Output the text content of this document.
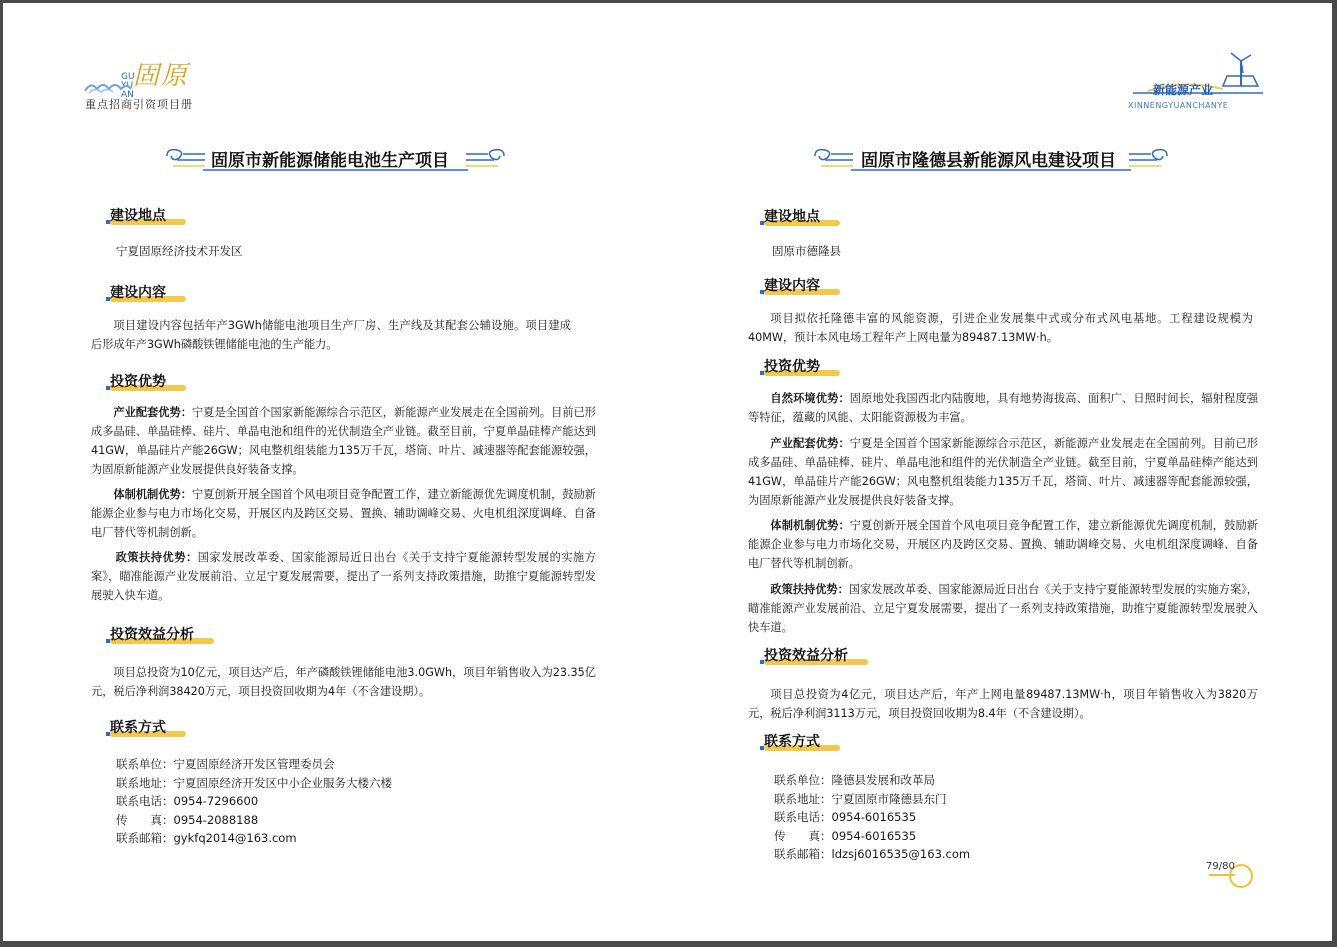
GU YUAN
固原
重点招商引资项目册
新能源产业
XINNENGYUANCHANYE
固原市新能源储能电池生产项目
建设地点
宁夏固原经济技术开发区
建设内容
项目建设内容包括年产3GWh储能电池项目生产厂房、生产线及其配套公辅设施。项目建成后形成年产3GWh磷酸铁锂储能电池的生产能力。
投资优势
产业配套优势：宁夏是全国首个国家新能源综合示范区，新能源产业发展走在全国前列。目前已形成多晶硅、单晶硅棒、硅片、单晶电池和组件的光伏制造全产业链。截至目前，宁夏单晶硅棒产能达到41GW，单晶硅片产能26GW；风电整机组装能力135万千瓦，塔筒、叶片、减速器等配套能源较强，为固原新能源产业发展提供良好装备支撑。
体制机制优势：宁夏创新开展全国首个风电项目竞争配置工作，建立新能源优先调度机制，鼓励新能源企业参与电力市场化交易，开展区内及跨区交易、置换、辅助调峰交易、火电机组深度调峰、自备电厂替代等机制创新。
政策扶持优势：国家发展改革委、国家能源局近日出台《关于支持宁夏能源转型发展的实施方案》，瞄准能源产业发展前沿、立足宁夏发展需要，提出了一系列支持政策措施，助推宁夏能源转型发展驶入快车道。
投资效益分析
项目总投资为10亿元，项目达产后，年产磷酸铁锂储能电池3.0GWh，项目年销售收入为23.35亿元，税后净利润38420万元，项目投资回收期为4年（不含建设期）。
联系方式
联系单位：宁夏固原经济开发区管理委员会
联系地址：宁夏固原经济开发区中小企业服务大楼六楼
联系电话：0954-7296600
传　　真：0954-2088188
联系邮箱：gykfq2014@163.com
固原市隆德县新能源风电建设项目
建设地点
固原市德隆县
建设内容
项目拟依托隆德丰富的风能资源，引进企业发展集中式或分布式风电基地。工程建设规模为40MW，预计本风电场工程年产上网电量为89487.13MW·h。
投资优势
自然环境优势：固原地处我国西北内陆腹地，具有地势海拔高、面积广、日照时间长，辐射程度强等特征，蕴藏的风能、太阳能资源极为丰富。
产业配套优势：宁夏是全国首个国家新能源综合示范区，新能源产业发展走在全国前列。目前已形成多晶硅、单晶硅棒、硅片、单晶电池和组件的光伏制造全产业链。截至目前，宁夏单晶硅棒产能达到41GW，单晶硅片产能26GW；风电整机组装能力135万千瓦，塔筒、叶片、减速器等配套能源较强，为固原新能源产业发展提供良好装备支撑。
体制机制优势：宁夏创新开展全国首个风电项目竞争配置工作，建立新能源优先调度机制，鼓励新能源企业参与电力市场化交易，开展区内及跨区交易、置换、辅助调峰交易、火电机组深度调峰、自备电厂替代等机制创新。
政策扶持优势：国家发展改革委、国家能源局近日出台《关于支持宁夏能源转型发展的实施方案》，瞄准能源产业发展前沿、立足宁夏发展需要，提出了一系列支持政策措施，助推宁夏能源转型发展驶入快车道。
投资效益分析
项目总投资为4亿元，项目达产后，年产上网电量89487.13MW·h，项目年销售收入为3820万元，税后净利润3113万元，项目投资回收期为8.4年（不含建设期）。
联系方式
联系单位：隆德县发展和改革局
联系地址：宁夏固原市隆德县东门
联系电话：0954-6016535
传　　真：0954-6016535
联系邮箱：ldzsj6016535@163.com
79/80
